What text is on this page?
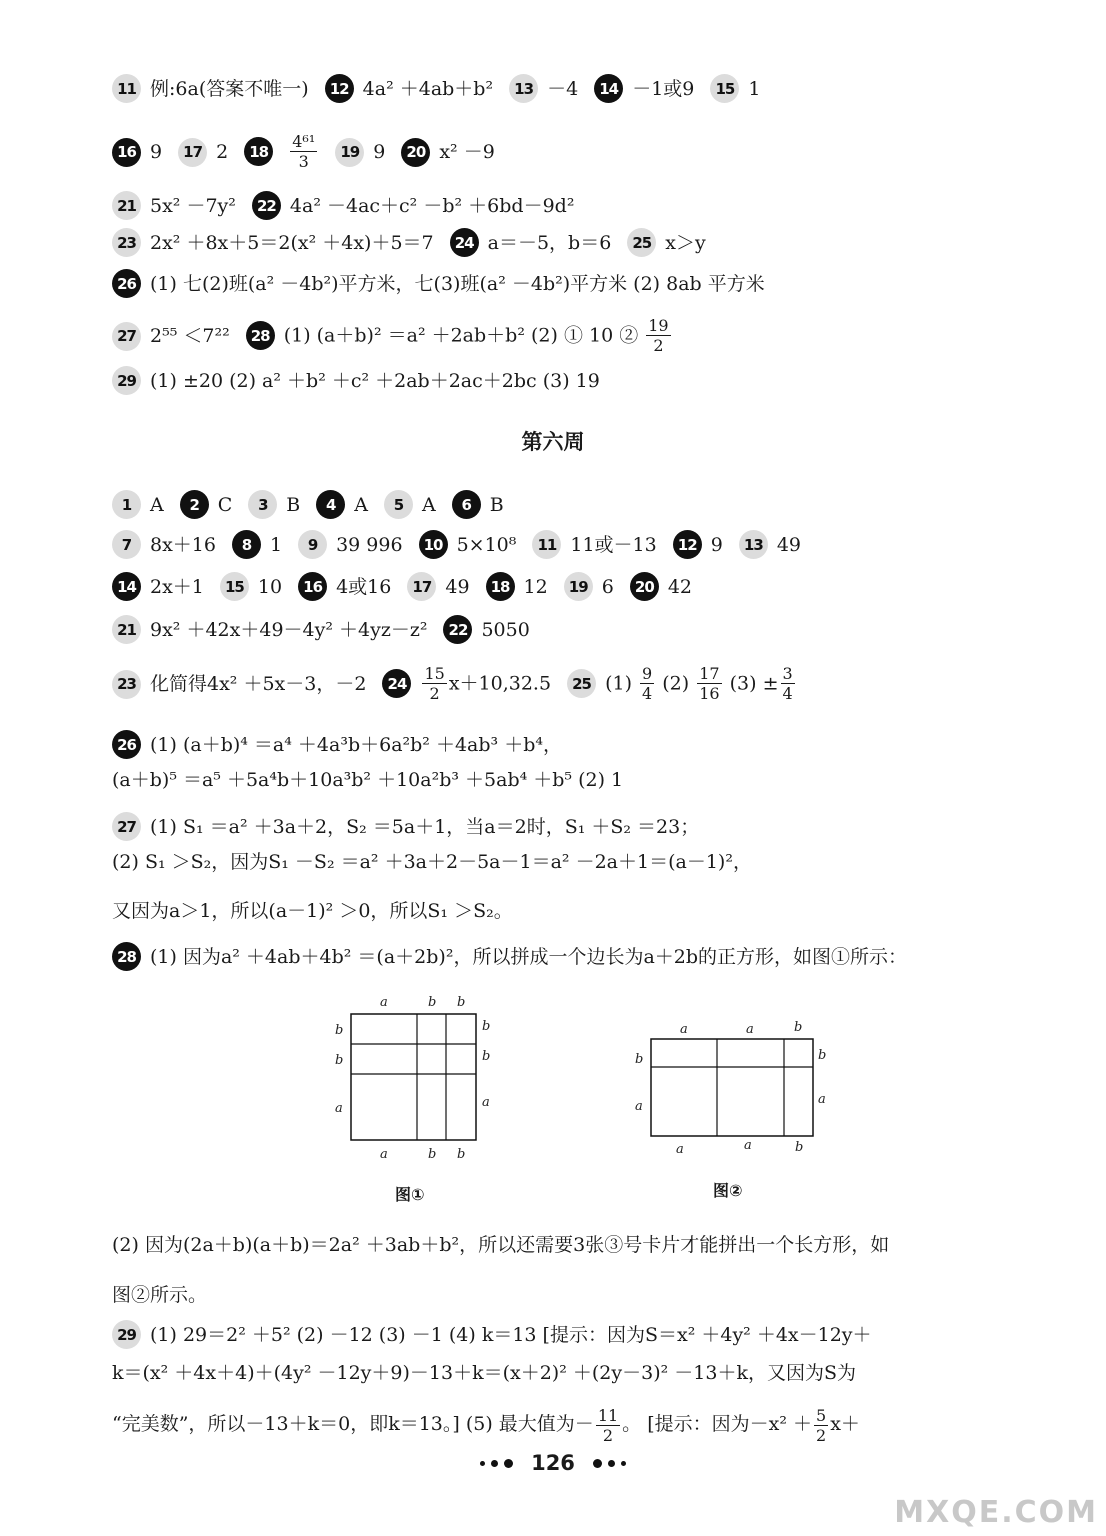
11 例:6a(答案不唯一) 12 4a² ＋4ab＋b² 13 －4 14 －1或9 15 1
16 9 17 2 $18 \frac{\text{4⁶¹}}{3} 19$ 9 20 x² －9
21 5x² －7y² 22 4a² －4ac＋c² －b² ＋6bd－9d²
23 2x² ＋8x＋5＝2(x² ＋4x)＋5＝7 24 a＝－5，b＝6 25 x＞y
26 (1) 七(2)班(a² －4b²)平方米，七(3)班(a² －4b²)平方米 (2) 8ab 平方米
27 2⁵⁵ ＜7²² 28 (1) (a＋b)² ＝a² ＋2ab＋b² (2) ① 10 ② $\frac{19}{2}$
29 (1) ±20 (2) a² ＋b² ＋c² ＋2ab＋2ac＋2bc (3) 19
1 A 2 C 3 B 4 A 5 A 6 B
7 8x＋16 8 1 9 39 996 10 5×10⁸ 11 11或－13 12 9 13 49
14 2x＋1 15 10 16 4或16 17 49 18 12 19 6 20 42
21 9x² ＋42x＋49－4y² ＋4yz－z² 22 5050
23 化简得4x² ＋5x－3，－2 $24 \frac{15}{2} x+10,32.5$ 25 $(1) \frac{9}{4} (2) \frac{17}{16} (3) \pm \frac{3}{4}$
26 (1) (a＋b)⁴ ＝a⁴ ＋4a³b＋6a²b² ＋4ab³ ＋b⁴，
27 (1) S₁ ＝a² ＋3a＋2，S₂ ＝5a＋1，当a＝2时，S₁ ＋S₂ ＝23；
28 (1) 因为a² ＋4ab＋4b² ＝(a＋2b)²，所以拼成一个边长为a＋2b的正方形，如图①所示：
29 (1) 29＝2² ＋5² (2) －12 (3) －1 (4) k＝13 [提示：因为S＝x² ＋4y² ＋4x－12y＋
第六周
(a＋b)⁵ ＝a⁵ ＋5a⁴b＋10a³b² ＋10a²b³ ＋5ab⁴ ＋b⁵ (2) 1
(2) S₁ ＞S₂，因为S₁ －S₂ ＝a² ＋3a＋2－5a－1＝a² －2a＋1＝(a－1)²，
又因为a＞1，所以(a－1)² ＞0，所以S₁ ＞S₂。
(2) 因为(2a＋b)(a＋b)＝2a² ＋3ab＋b²，所以还需要3张③号卡片才能拼出一个长方形，如
图②所示。
k＝(x² ＋4x＋4)＋(4y² －12y＋9)－13＋k＝(x＋2)² ＋(2y－3)² －13＋k，又因为S为
“完美数”，所以－13＋k＝0，即k＝13。] (5) 最大值为－ $\frac{11}{2}$ 。 [提示：因为$-x^2 + \frac{5}{2} x+$
a	b b
a	b b
b
b
a
b
b
a
图①
a	a	b
a	a	b
b
a
b
a
图②
126
MXQE.COM
